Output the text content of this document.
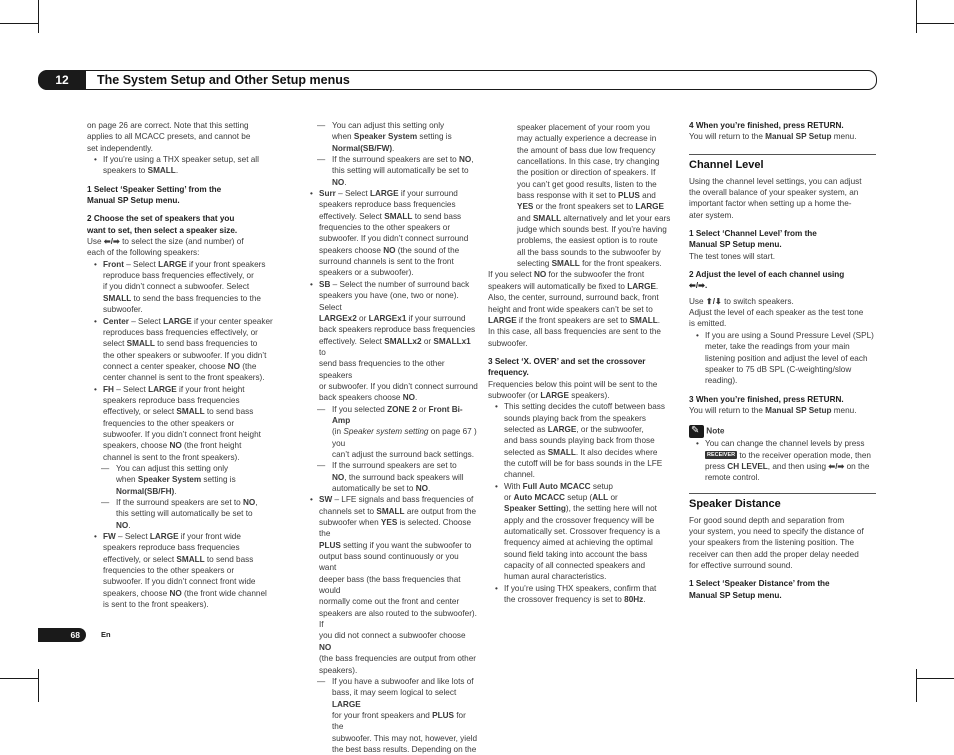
12	The System Setup and Other Setup menus

on page 26 are correct. Note that this setting
applies to all MCACC presets, and cannot be
set independently.

• If you’re using a THX speaker setup, set all
speakers to SMALL.

1 Select ‘Speaker Setting’ from the
Manual SP Setup menu.

2 Choose the set of speakers that you
want to set, then select a speaker size.

Use ⬅/➡ to select the size (and number) of
each of the following speakers:

• Front – Select LARGE if your front speakers
reproduce bass frequencies effectively, or
if you didn’t connect a subwoofer. Select
SMALL to send the bass frequencies to the
subwoofer.

• Center – Select LARGE if your center speaker
reproduces bass frequencies effectively, or
select SMALL to send bass frequencies to
the other speakers or subwoofer. If you didn’t
connect a center speaker, choose NO (the
center channel is sent to the front speakers).

• FH – Select LARGE if your front height
speakers reproduce bass frequencies
effectively, or select SMALL to send bass
frequencies to the other speakers or
subwoofer. If you didn’t connect front height
speakers, choose NO (the front height
channel is sent to the front speakers).

— You can adjust this setting only
when Speaker System setting is
Normal(SB/FH).

— If the surround speakers are set to NO,
this setting will automatically be set to
NO.

• FW – Select LARGE if your front wide
speakers reproduce bass frequencies
effectively, or select SMALL to send bass
frequencies to the other speakers or
subwoofer. If you didn’t connect front wide
speakers, choose NO (the front wide channel
is sent to the front speakers).

— You can adjust this setting only
when Speaker System setting is
Normal(SB/FW).

— If the surround speakers are set to NO,
this setting will automatically be set to
NO.

• Surr – Select LARGE if your surround
speakers reproduce bass frequencies
effectively. Select SMALL to send bass
frequencies to the other speakers or
subwoofer. If you didn’t connect surround
speakers choose NO (the sound of the
surround channels is sent to the front
speakers or a subwoofer).

• SB – Select the number of surround back
speakers you have (one, two or none). Select
LARGEx2 or LARGEx1 if your surround
back speakers reproduce bass frequencies
effectively. Select SMALLx2 or SMALLx1 to
send bass frequencies to the other speakers
or subwoofer. If you didn’t connect surround
back speakers choose NO.

— If you selected ZONE 2 or Front Bi-Amp
(in Speaker system setting on page 67 ) you
can’t adjust the surround back settings.

— If the surround speakers are set to
NO, the surround back speakers will
automatically be set to NO.

• SW – LFE signals and bass frequencies of
channels set to SMALL are output from the
subwoofer when YES is selected. Choose the
PLUS setting if you want the subwoofer to
output bass sound continuously or you want
deeper bass (the bass frequencies that would
normally come out the front and center
speakers are also routed to the subwoofer). If
you did not connect a subwoofer choose NO
(the bass frequencies are output from other
speakers).

— If you have a subwoofer and like lots of
bass, it may seem logical to select LARGE
for your front speakers and PLUS for the
subwoofer. This may not, however, yield
the best bass results. Depending on the

speaker placement of your room you
may actually experience a decrease in
the amount of bass due low frequency
cancellations. In this case, try changing
the position or direction of speakers. If
you can’t get good results, listen to the
bass response with it set to PLUS and
YES or the front speakers set to LARGE
and SMALL alternatively and let your ears
judge which sounds best. If you’re having
problems, the easiest option is to route
all the bass sounds to the subwoofer by
selecting SMALL for the front speakers.

If you select NO for the subwoofer the front
speakers will automatically be fixed to LARGE.
Also, the center, surround, surround back, front
height and front wide speakers can’t be set to
LARGE if the front speakers are set to SMALL.
In this case, all bass frequencies are sent to the
subwoofer.

3 Select ‘X. OVER’ and set the crossover
frequency.

Frequencies below this point will be sent to the
subwoofer (or LARGE speakers).

• This setting decides the cutoff between bass
sounds playing back from the speakers
selected as LARGE, or the subwoofer,
and bass sounds playing back from those
selected as SMALL. It also decides where
the cutoff will be for bass sounds in the LFE
channel.

• With Full Auto MCACC setup
or Auto MCACC setup (ALL or
Speaker Setting), the setting here will not
apply and the crossover frequency will be
automatically set. Crossover frequency is a
frequency aimed at achieving the optimal
sound field taking into account the bass
capacity of all connected speakers and
human aural characteristics.

• If you’re using THX speakers, confirm that
the crossover frequency is set to 80Hz.

4 When you’re finished, press RETURN.

You will return to the Manual SP Setup menu.

Channel Level

Using the channel level settings, you can adjust
the overall balance of your speaker system, an
important factor when setting up a home the-
ater system.

1 Select ‘Channel Level’ from the
Manual SP Setup menu.

The test tones will start.

2 Adjust the level of each channel using
⬅/➡.

Use ⬆/⬇ to switch speakers.
Adjust the level of each speaker as the test tone
is emitted.

• If you are using a Sound Pressure Level (SPL)
meter, take the readings from your main
listening position and adjust the level of each
speaker to 75 dB SPL (C-weighting/slow
reading).

3 When you’re finished, press RETURN.

You will return to the Manual SP Setup menu.

✎ Note

• You can change the channel levels by press
RECEIVER to the receiver operation mode, then
press CH LEVEL, and then using ⬅/➡ on the
remote control.

Speaker Distance

For good sound depth and separation from
your system, you need to specify the distance of
your speakers from the listening position. The
receiver can then add the proper delay needed
for effective surround sound.

1 Select ‘Speaker Distance’ from the
Manual SP Setup menu.

68	En
